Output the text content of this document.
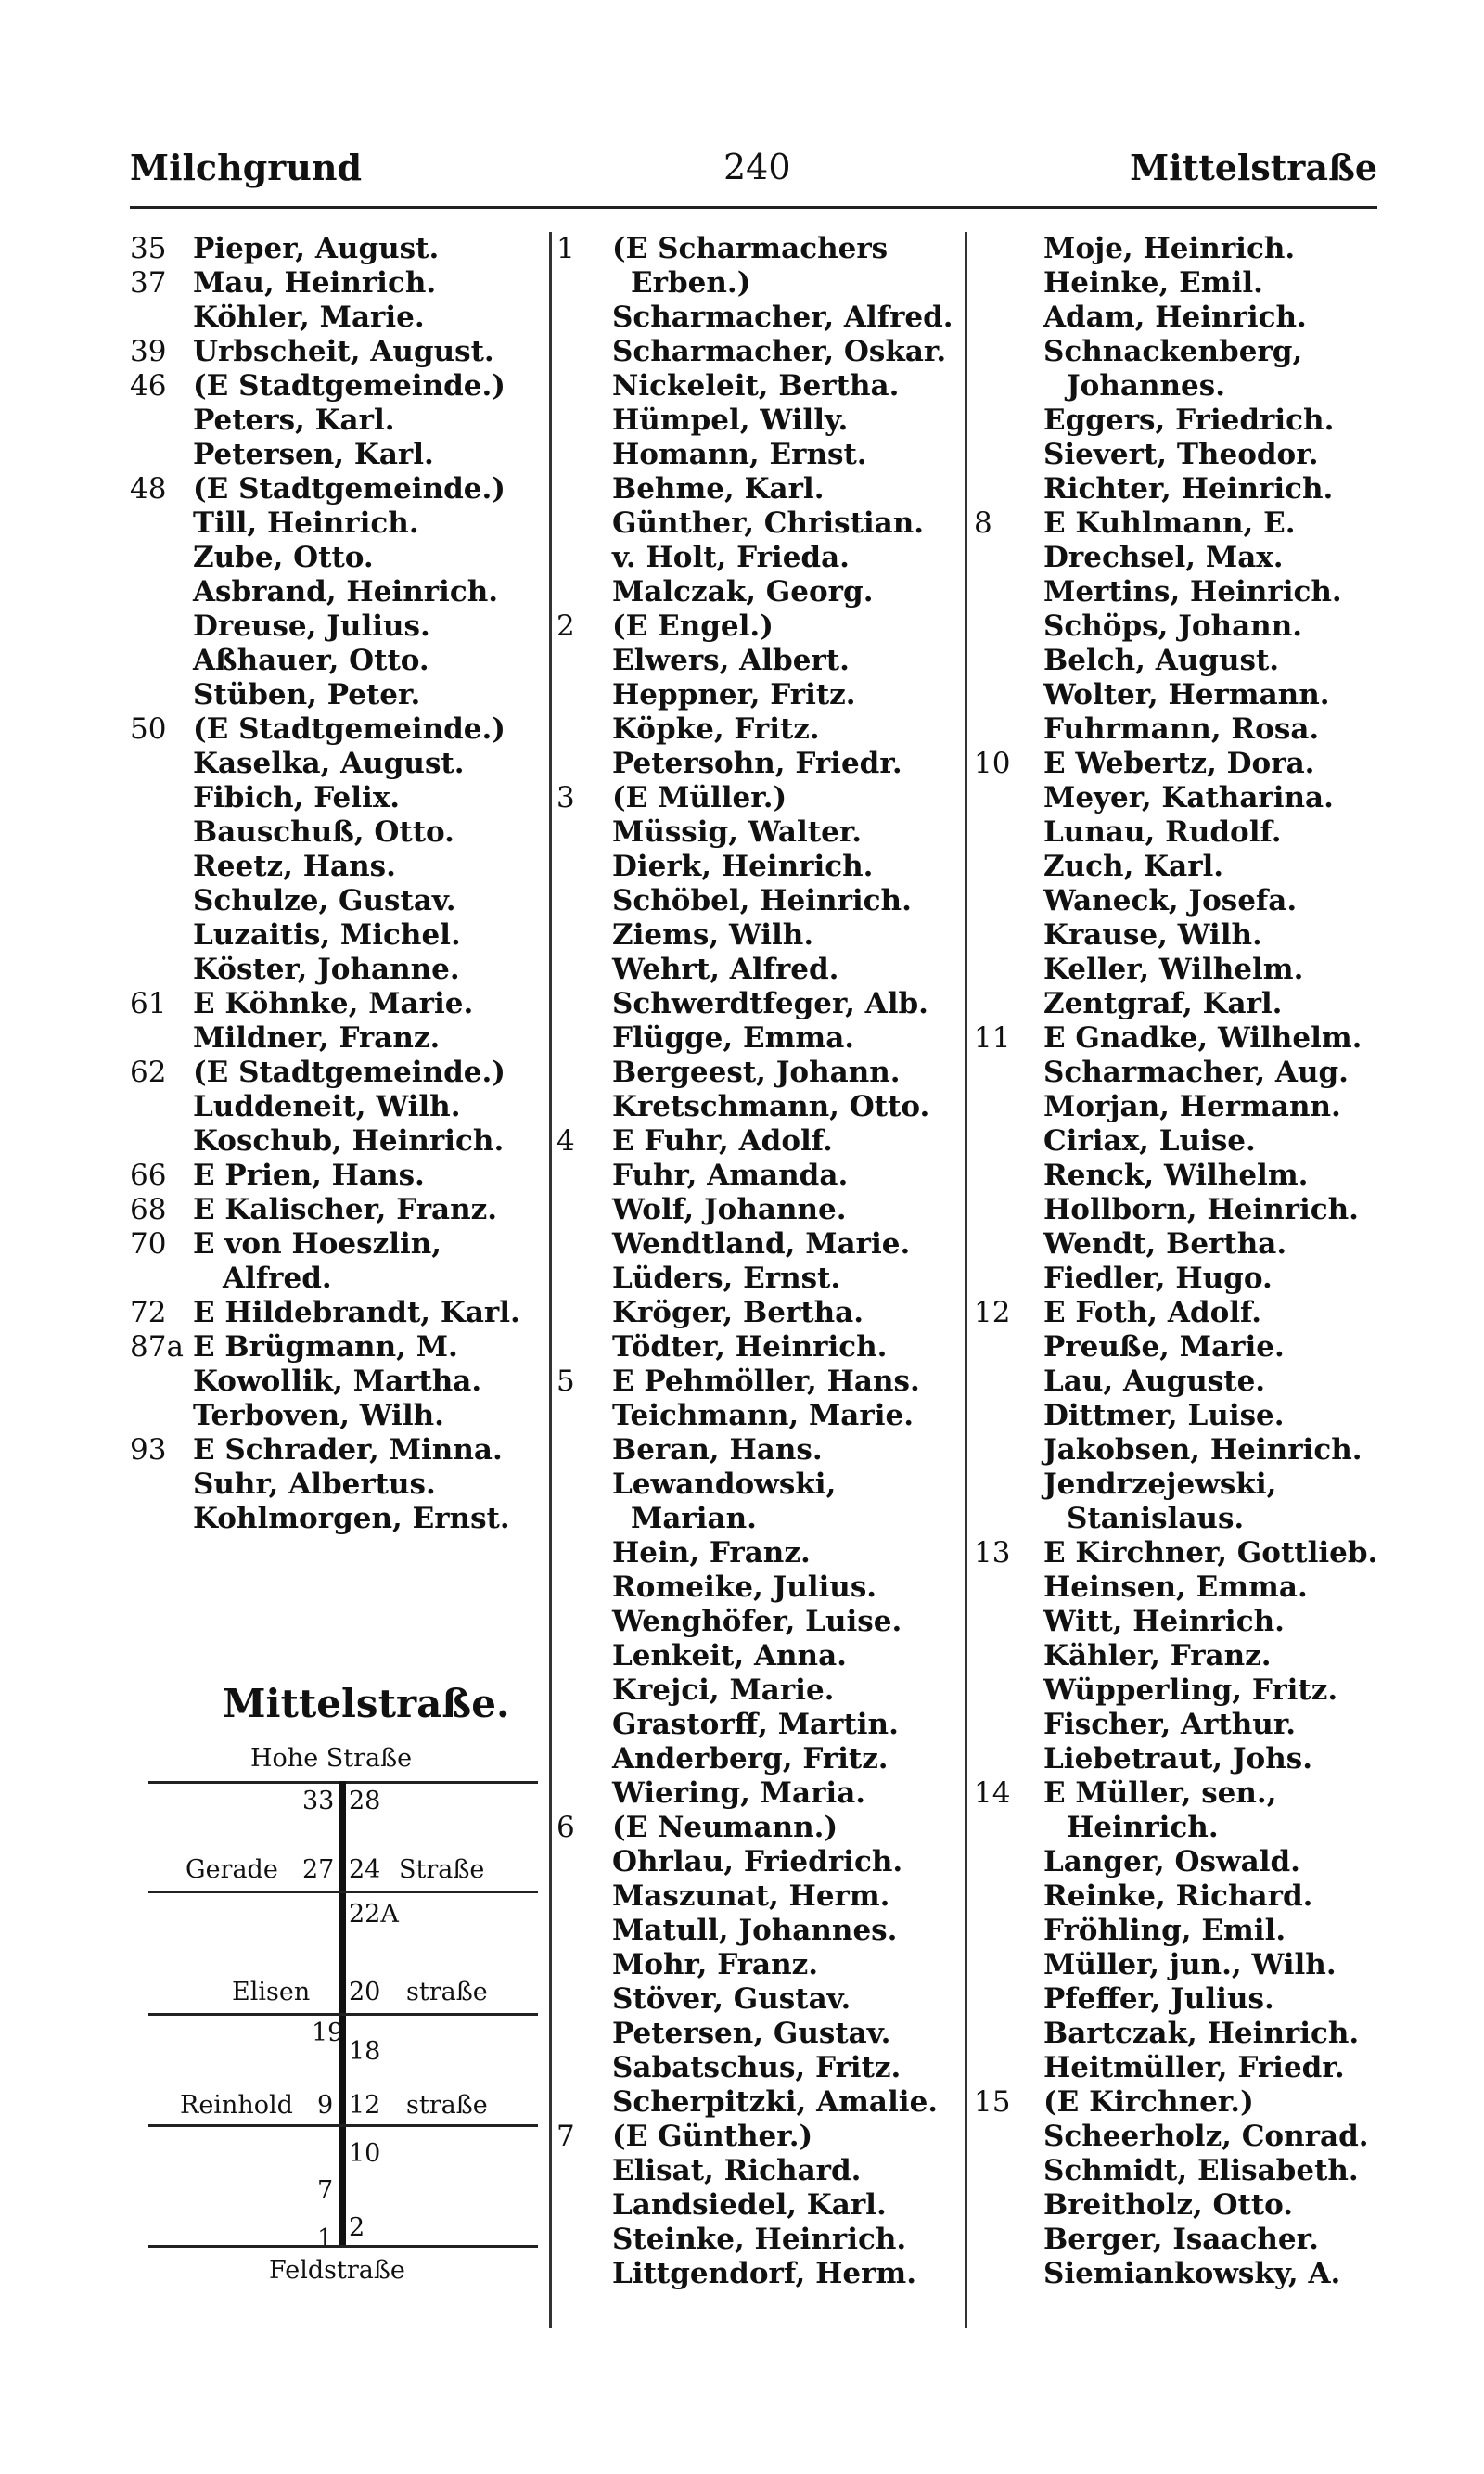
Milchgrund	240	Mittelstraße
35 Pieper, August.
37 Mau, Heinrich.
Köhler, Marie.
39 Urbschеit, August.
46 (E Stadtgemeinde.)
Peters, Karl.
Petersen, Karl.
48 (E Stadtgemeinde.)
Till, Heinrich.
Zube, Otto.
Asbrand, Heinrich.
Dreuse, Julius.
Aßhauer, Otto.
Stüben, Peter.
50 (E Stadtgemeinde.)
Kaselka, August.
Fibich, Felix.
Bauschuß, Otto.
Reetz, Hans.
Schulze, Gustav.
Luzaitis, Michel.
Köster, Johanne.
61 E Köhnke, Marie.
Mildner, Franz.
62 (E Stadtgemeinde.)
Luddeneit, Wilh.
Koschub, Heinrich.
66 E Prien, Hans.
68 E Kalischer, Franz.
70 E von Hoeszlin,
Alfred.
72 E Hildebrandt, Karl.
87a E Brügmann, M.
Kowollik, Martha.
Terboven, Wilh.
93 E Schrader, Minna.
Suhr, Albertus.
Kohlmorgen, Ernst.
1	(E Scharmachers
Erben.)
Scharmacher, Alfred.
Scharmacher, Oskar.
Nickeleit, Bertha.
Hümpel, Willy.
Homann, Ernst.
Behme, Karl.
Günther, Christian.
v. Holt, Frieda.
Malczak, Georg.
2	(E Engel.)
Elwers, Albert.
Heppner, Fritz.
Köpke, Fritz.
Petersohn, Friedr.
3	(E Müller.)
Müssig, Walter.
Dierk, Heinrich.
Schöbel, Heinrich.
Ziems, Wilh.
Wehrt, Alfred.
Schwerdtfeger, Alb.
Flügge, Emma.
Bergeest, Johann.
Kretschmann, Otto.
4	E Fuhr, Adolf.
Fuhr, Amanda.
Wolf, Johanne.
Wendtland, Marie.
Lüders, Ernst.
Kröger, Bertha.
Tödter, Heinrich.
5	E Pehmöller, Hans.
Teichmann, Marie.
Beran, Hans.
Lewandowski,
Marian.
Hein, Franz.
Romeike, Julius.
Wenghöfer, Luise.
Lenkeit, Anna.
Krejci, Marie.
Grastorff, Martin.
Anderberg, Fritz.
Wiering, Maria.
6	(E Neumann.)
Ohrlau, Friedrich.
Maszunat, Herm.
Matull, Johannes.
Mohr, Franz.
Stöver, Gustav.
Petersen, Gustav.
Sabatschus, Fritz.
Scherpitzki, Amalie.
7	(E Günther.)
Elisat, Richard.
Landsiedel, Karl.
Steinke, Heinrich.
Littgendorf, Herm.
Moje, Heinrich.
Heinke, Emil.
Adam, Heinrich.
Schnackenberg,
Johannes.
Eggers, Friedrich.
Sievert, Theodor.
Richter, Heinrich.
8	E Kuhlmann, E.
Drechsel, Max.
Mertins, Heinrich.
Schöps, Johann.
Belch, August.
Wolter, Hermann.
Fuhrmann, Rosa.
10	E Webertz, Dora.
Meyer, Katharina.
Lunau, Rudolf.
Zuch, Karl.
Waneck, Josefa.
Krause, Wilh.
Keller, Wilhelm.
Zentgraf, Karl.
11	E Gnadke, Wilhelm.
Scharmacher, Aug.
Morjan, Hermann.
Ciriax, Luise.
Renck, Wilhelm.
Hollborn, Heinrich.
Wendt, Bertha.
Fiedler, Hugo.
12	E Foth, Adolf.
Preuße, Marie.
Lau, Auguste.
Dittmer, Luise.
Jakobsen, Heinrich.
Jendrzejewski,
Stanislaus.
13	E Kirchner, Gottlieb.
Heinsen, Emma.
Witt, Heinrich.
Kähler, Franz.
Wüpperling, Fritz.
Fischer, Arthur.
Liebetraut, Johs.
14	E Müller, sen.,
Heinrich.
Langer, Oswald.
Reinke, Richard.
Fröhling, Emil.
Müller, jun., Wilh.
Pfeffer, Julius.
Bartczak, Heinrich.
Heitmüller, Friedr.
15	(E Kirchner.)
Scheerholz, Conrad.
Schmidt, Elisabeth.
Breitholz, Otto.
Berger, Isaacher.
Siemiankowsky, A.
Mittelstraße.
Hohe Straße
33 28
Gerade 27 24 Straße
22A
Elisen 20 straße
19
18
Reinhold 9 12 straße
10
7
1 2
Feldstraße
